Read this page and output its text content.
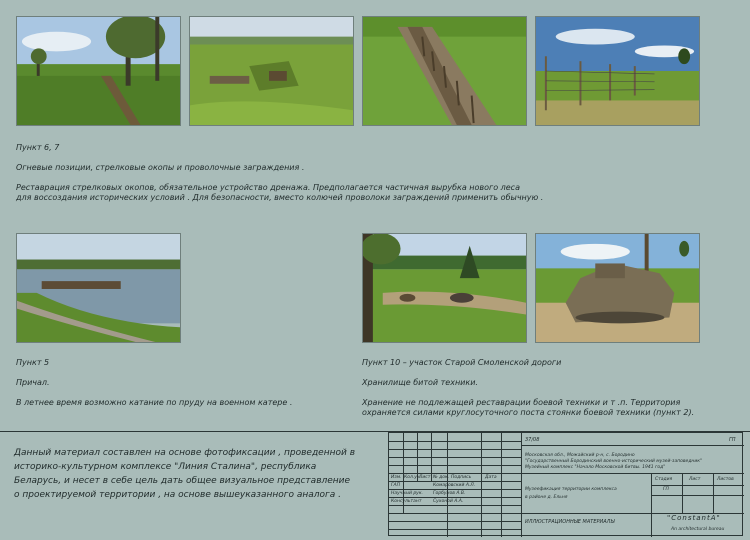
Пункт 6, 7
Огневые позиции, стрелковые окопы и проволочные заграждения .
Реставрация стрелковых окопов, обязательное устройство дренажа. Предполагается частичная вырубка нового леса
для воссоздания исторических условий . Для безопасности, вместо колючей проволоки заграждений применить обычную .
Пункт 5
Причал.
В летнее время возможно катание по пруду на военном катере .
Пункт 10 – участок Старой Смоленской дороги
Хранилище битой техники.
Хранение не подлежащей реставрации боевой техники и т .п. Территория
охраняется силами круглосуточного поста стоянки боевой техники (пункт 2).
Данный материал составлен на основе фотофиксации , проведенной в
историко-культурном комплексе "Линия Сталина", республика
Беларусь, и несет в себе цель дать общее визуальное представление
о проектируемой территории , на основе вышеуказанного аналога .
37/08	ГП
Московская обл., Можайский р-н, с. Бородино
"Государственный Бородинский военно-исторический музей-заповедник"
Музейный комплекс "Начало Московской битвы. 1941 год"
Изм. Кол.уч.
Лист № док. Подпись	Дата
ГАП	Комаровский А.Л.
Научный рук. Горбунов А.В.
Консультант	Сухоной А.А.
Музеефикация территории комплекса
в районе д. Ельня
Стадия	Лист	Листов
ГП
ИЛЛЮСТРАЦИОННЫЕ МАТЕРИАЛЫ	"ConstantA"
An architectural bureau
